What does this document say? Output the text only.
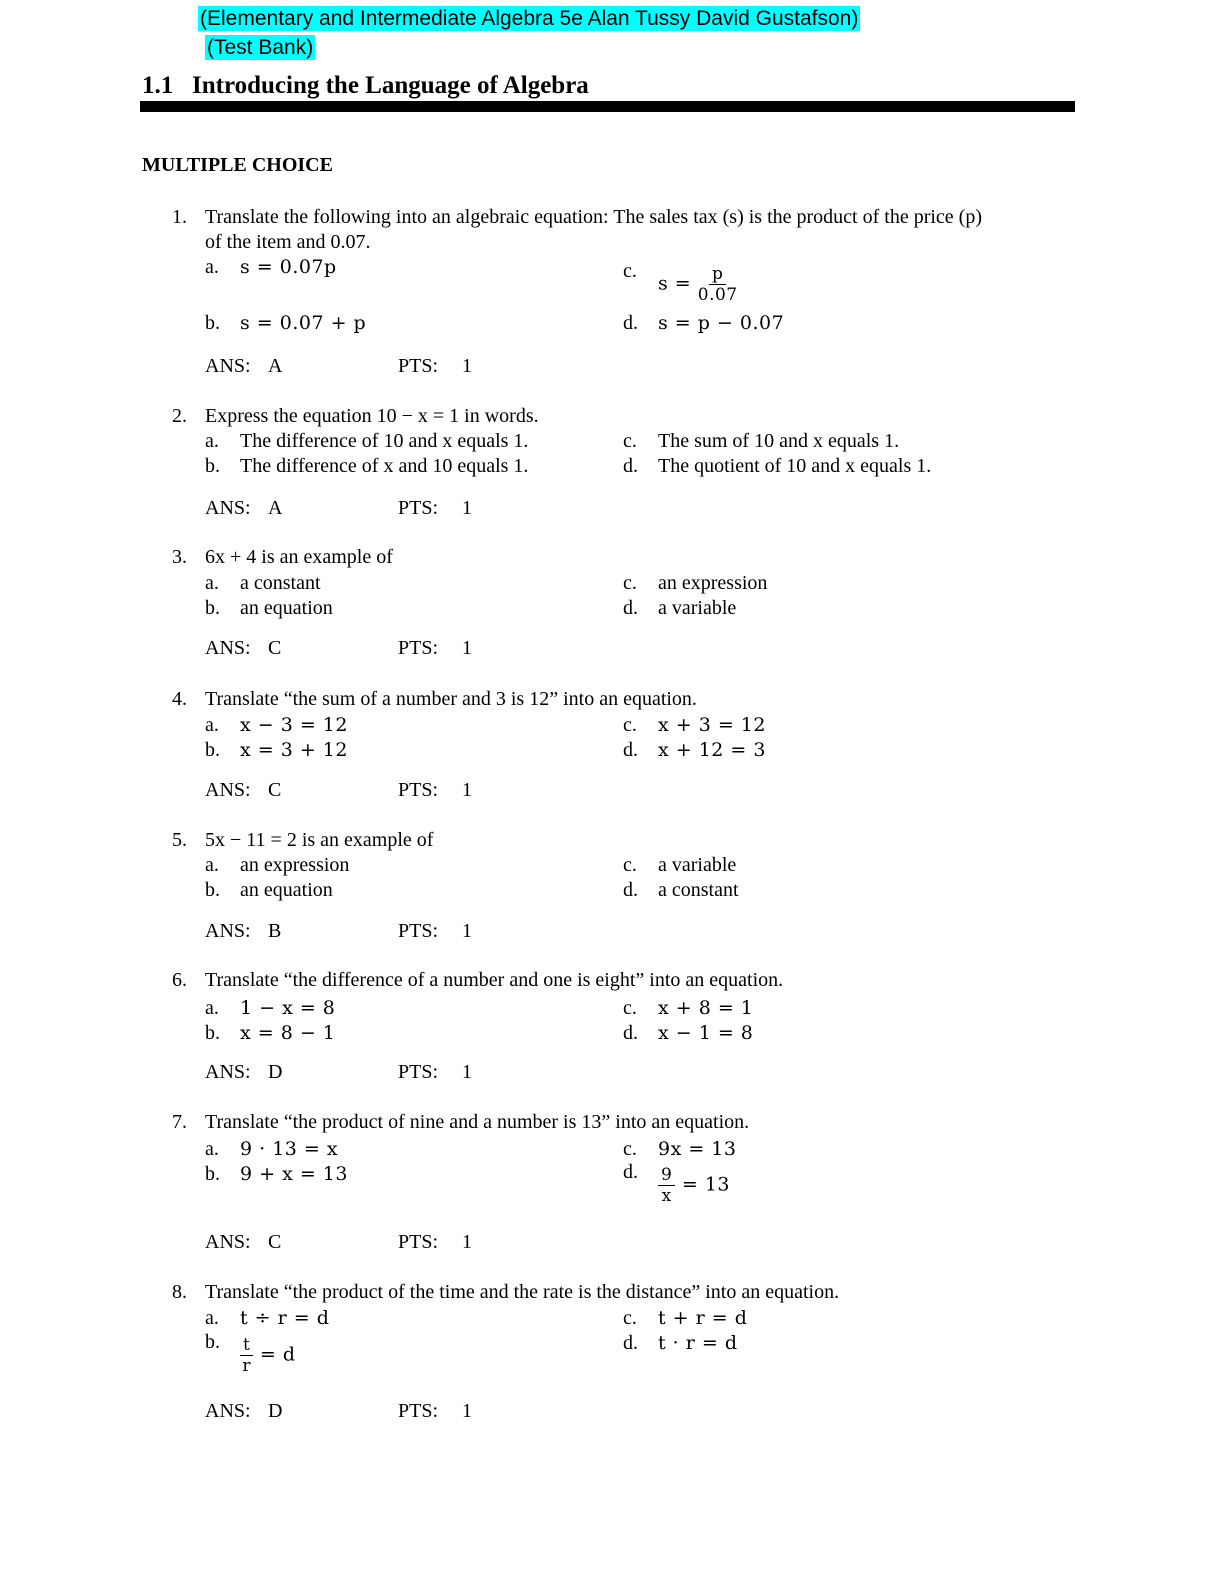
(Elementary and Intermediate Algebra 5e Alan Tussy David Gustafson)
(Test Bank)
1.1 Introducing the Language of Algebra
MULTIPLE CHOICE
1. Translate the following into an algebraic equation: The sales tax (s) is the product of the price (p)
of the item and 0.07.
a. s = 0.07p
b. s = 0.07 + p
c.
$s = \frac{p}{0.07}$
d. s = p − 0.07
ANS: A	PTS: 1
2. Express the equation 10 − x = 1 in words.
a. The difference of 10 and x equals 1.
b. The difference of x and 10 equals 1.
c. The sum of 10 and x equals 1.
d. The quotient of 10 and x equals 1.
ANS: A	PTS: 1
3. 6x + 4 is an example of
a. a constant
b. an equation
c. an expression
d. a variable
ANS: C	PTS: 1
4. Translate “the sum of a number and 3 is 12” into an equation.
a. x − 3 = 12
b. x = 3 + 12
c. x + 3 = 12
d. x + 12 = 3
ANS: C	PTS: 1
5. 5x − 11 = 2 is an example of
a. an expression
b. an equation
c. a variable
d. a constant
ANS: B	PTS: 1
6. Translate “the difference of a number and one is eight” into an equation.
a. 1 − x = 8
b. x = 8 − 1
c. x + 8 = 1
d. x − 1 = 8
ANS: D	PTS: 1
7. Translate “the product of nine and a number is 13” into an equation.
a. 9 · 13 = x
b. 9 + x = 13
c. 9x = 13
d. $\frac{9}{x} = 13$
ANS: C	PTS: 1
8. Translate “the product of the time and the rate is the distance” into an equation.
a. t ÷ r = d
b. $\frac{t}{r} = d$
c. t + r = d
d. t · r = d
ANS: D	PTS: 1
